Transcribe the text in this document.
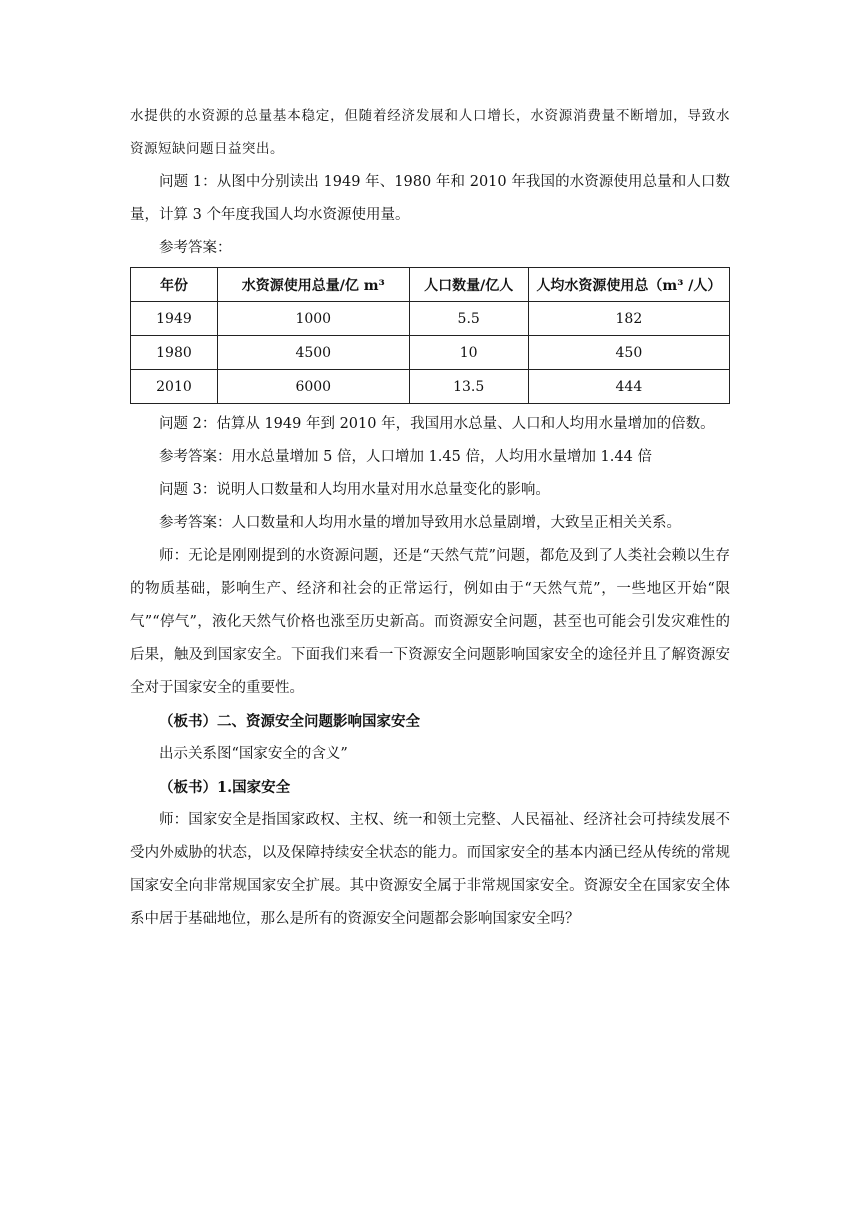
水提供的水资源的总量基本稳定，但随着经济发展和人口增长，水资源消费量不断增加，导致水资源短缺问题日益突出。

问题 1：从图中分别读出 1949 年、1980 年和 2010 年我国的水资源使用总量和人口数量，计算 3 个年度我国人均水资源使用量。

参考答案：

年份	水资源使用总量/亿 m³	人口数量/亿人	人均水资源使用总（m³ /人）
1949	1000	5.5	182
1980	4500	10	450
2010	6000	13.5	444

问题 2：估算从 1949 年到 2010 年，我国用水总量、人口和人均用水量增加的倍数。

参考答案：用水总量增加 5 倍，人口增加 1.45 倍，人均用水量增加 1.44 倍

问题 3：说明人口数量和人均用水量对用水总量变化的影响。

参考答案：人口数量和人均用水量的增加导致用水总量剧增，大致呈正相关关系。

师：无论是刚刚提到的水资源问题，还是“天然气荒”问题，都危及到了人类社会赖以生存的物质基础，影响生产、经济和社会的正常运行，例如由于“天然气荒”，一些地区开始“限气”“停气”，液化天然气价格也涨至历史新高。而资源安全问题，甚至也可能会引发灾难性的后果，触及到国家安全。下面我们来看一下资源安全问题影响国家安全的途径并且了解资源安全对于国家安全的重要性。

（板书）二、资源安全问题影响国家安全

出示关系图“国家安全的含义”

（板书）1.国家安全

师：国家安全是指国家政权、主权、统一和领土完整、人民福祉、经济社会可持续发展不受内外威胁的状态，以及保障持续安全状态的能力。而国家安全的基本内涵已经从传统的常规国家安全向非常规国家安全扩展。其中资源安全属于非常规国家安全。资源安全在国家安全体系中居于基础地位，那么是所有的资源安全问题都会影响国家安全吗？
